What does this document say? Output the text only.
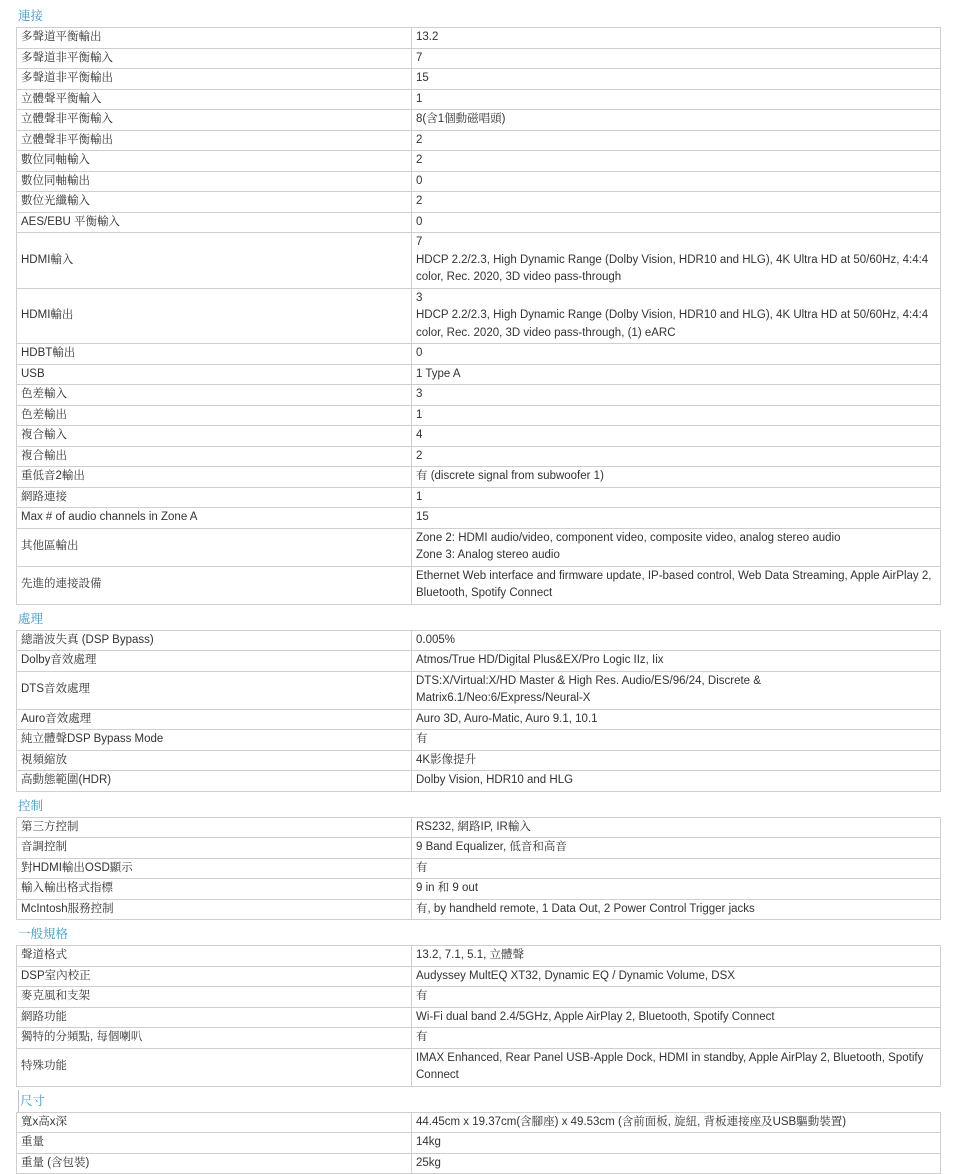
連接
多聲道平衡輸出	13.2
多聲道非平衡輸入	7
多聲道非平衡輸出	15
立體聲平衡輸入	1
立體聲非平衡輸入	8(含1個動磁唱頭)
立體聲非平衡輸出	2
數位同軸輸入	2
數位同軸輸出	0
數位光纖輸入	2
AES/EBU 平衡輸入	0
HDMI輸入	7
HDCP 2.2/2.3, High Dynamic Range (Dolby Vision, HDR10 and HLG), 4K Ultra HD at 50/60Hz, 4:4:4 color, Rec. 2020, 3D video pass-through
HDMI輸出	3
HDCP 2.2/2.3, High Dynamic Range (Dolby Vision, HDR10 and HLG), 4K Ultra HD at 50/60Hz, 4:4:4 color, Rec. 2020, 3D video pass-through, (1) eARC
HDBT輸出	0
USB	1 Type A
色差輸入	3
色差輸出	1
複合輸入	4
複合輸出	2
重低音2輸出	有 (discrete signal from subwoofer 1)
網路連接	1
Max # of audio channels in Zone A	15
其他區輸出	Zone 2: HDMI audio/video, component video, composite video, analog stereo audio
Zone 3: Analog stereo audio
先進的連接設備	Ethernet Web interface and firmware update, IP-based control, Web Data Streaming, Apple AirPlay 2, Bluetooth, Spotify Connect
處理
總諧波失真 (DSP Bypass)	0.005%
Dolby音效處理	Atmos/True HD/Digital Plus&EX/Pro Logic IIz, Iix
DTS音效處理	DTS:X/Virtual:X/HD Master & High Res. Audio/ES/96/24, Discrete &
Matrix6.1/Neo:6/Express/Neural-X
Auro音效處理	Auro 3D, Auro-Matic, Auro 9.1, 10.1
純立體聲DSP Bypass Mode	有
視頻縮放	4K影像提升
高動態範圍(HDR)	Dolby Vision, HDR10 and HLG
控制
第三方控制	RS232, 網路IP, IR輸入
音調控制	9 Band Equalizer, 低音和高音
對HDMI輸出OSD顯示	有
輸入輸出格式指標	9 in 和 9 out
McIntosh服務控制	有, by handheld remote, 1 Data Out, 2 Power Control Trigger jacks
一般規格
聲道格式	13.2, 7.1, 5.1, 立體聲
DSP室內校正	Audyssey MultEQ XT32, Dynamic EQ / Dynamic Volume, DSX
麥克風和支架	有
網路功能	Wi-Fi dual band 2.4/5GHz, Apple AirPlay 2, Bluetooth, Spotify Connect
獨特的分頻點, 每個喇叭	有
特殊功能	IMAX Enhanced, Rear Panel USB-Apple Dock, HDMI in standby, Apple AirPlay 2, Bluetooth, Spotify Connect
尺寸
寬x高x深	44.45cm x 19.37cm(含腳座) x 49.53cm (含前面板, 旋紐, 背板連接座及USB驅動裝置)
重量	14kg
重量 (含包裝)	25kg
